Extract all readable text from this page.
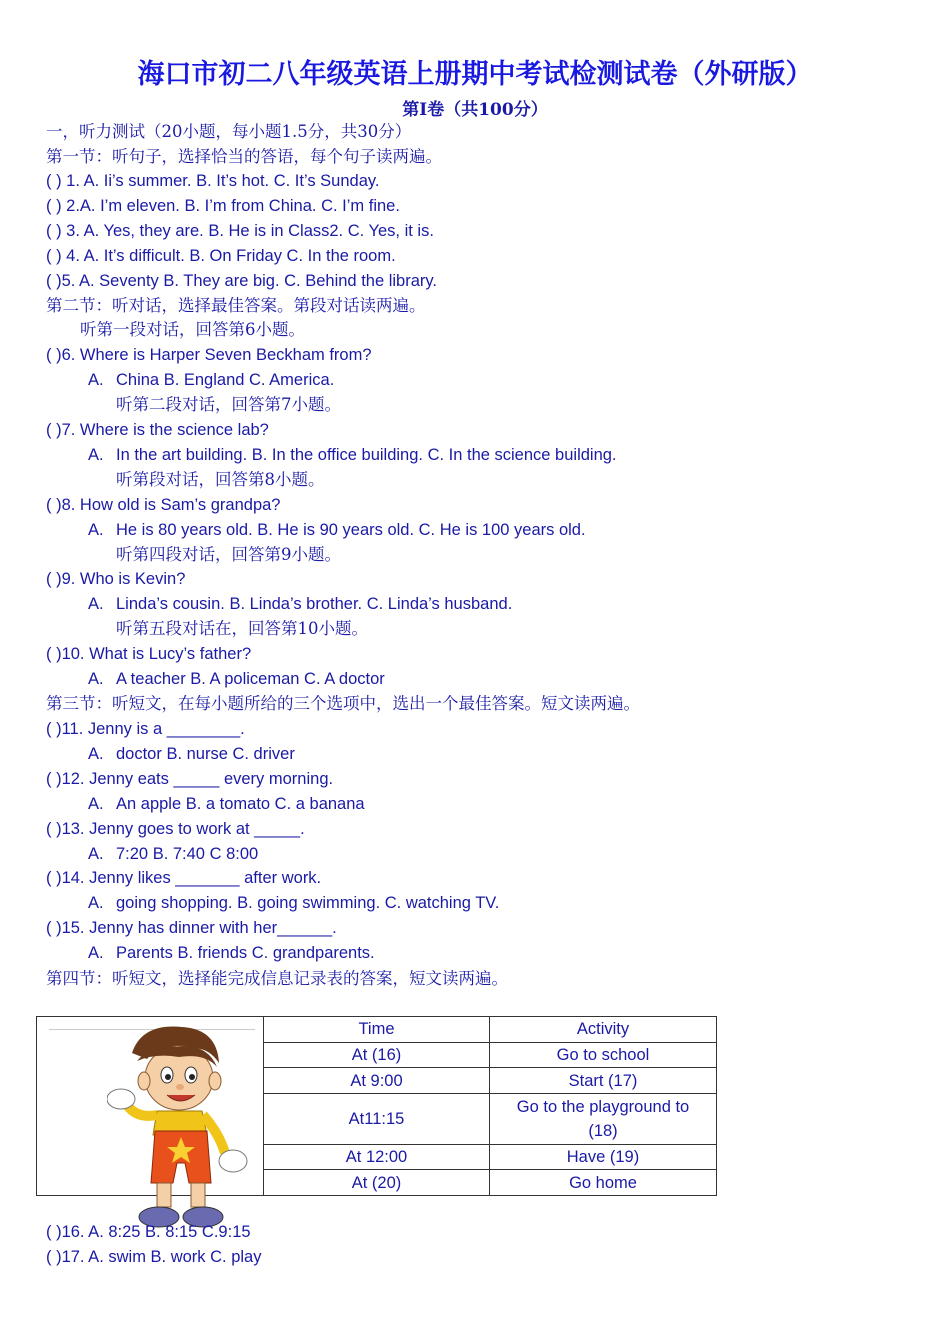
海口市初二八年级英语上册期中考试检测试卷（外研版）
第Ⅰ卷（共100分）
一，听力测试（20小题，每小题1.5分，共30分）
第一节：听句子，选择恰当的答语，每个句子读两遍。
( ) 1. A. Ii’s summer. B. It’s hot. C. It’s Sunday.
( ) 2.A. I’m eleven. B. I’m from China. C. I’m fine.
( ) 3. A. Yes, they are. B. He is in Class2. C. Yes, it is.
( ) 4. A. It’s difficult. B. On Friday C. In the room.
( )5. A. Seventy B. They are big. C. Behind the library.
第二节：听对话，选择最佳答案。第段对话读两遍。
听第一段对话，回答第6小题。
( )6. Where is Harper Seven Beckham from?
A. China B. England C. America.
听第二段对话，回答第7小题。
( )7. Where is the science lab?
A. In the art building. B. In the office building. C. In the science building.
听第段对话，回答第8小题。
( )8. How old is Sam’s grandpa?
A. He is 80 years old. B. He is 90 years old. C. He is 100 years old.
听第四段对话，回答第9小题。
( )9. Who is Kevin?
A. Linda’s cousin. B. Linda’s brother. C. Linda’s husband.
听第五段对话在，回答第10小题。
( )10. What is Lucy’s father?
A. A teacher B. A policeman C. A doctor
第三节：听短文，在每小题所给的三个选项中，选出一个最佳答案。短文读两遍。
( )11. Jenny is a ________.
A. doctor B. nurse C. driver
( )12. Jenny eats _____ every morning.
A. An apple B. a tomato C. a banana
( )13. Jenny goes to work at _____.
A. 7:20 B. 7:40 C 8:00
( )14. Jenny likes _______ after work.
A. going shopping. B. going swimming. C. watching TV.
( )15. Jenny has dinner with her______.
A. Parents B. friends C. grandparents.
第四节：听短文，选择能完成信息记录表的答案，短文读两遍。
	Time	Activity
	At (16)	Go to school
	At 9:00	Start (17)
	At11:15	Go to the playground to (18)
	At 12:00	Have (19)
	At (20)	Go home
( )16. A. 8:25 B. 8:15 C.9:15
( )17. A. swim B. work C. play
